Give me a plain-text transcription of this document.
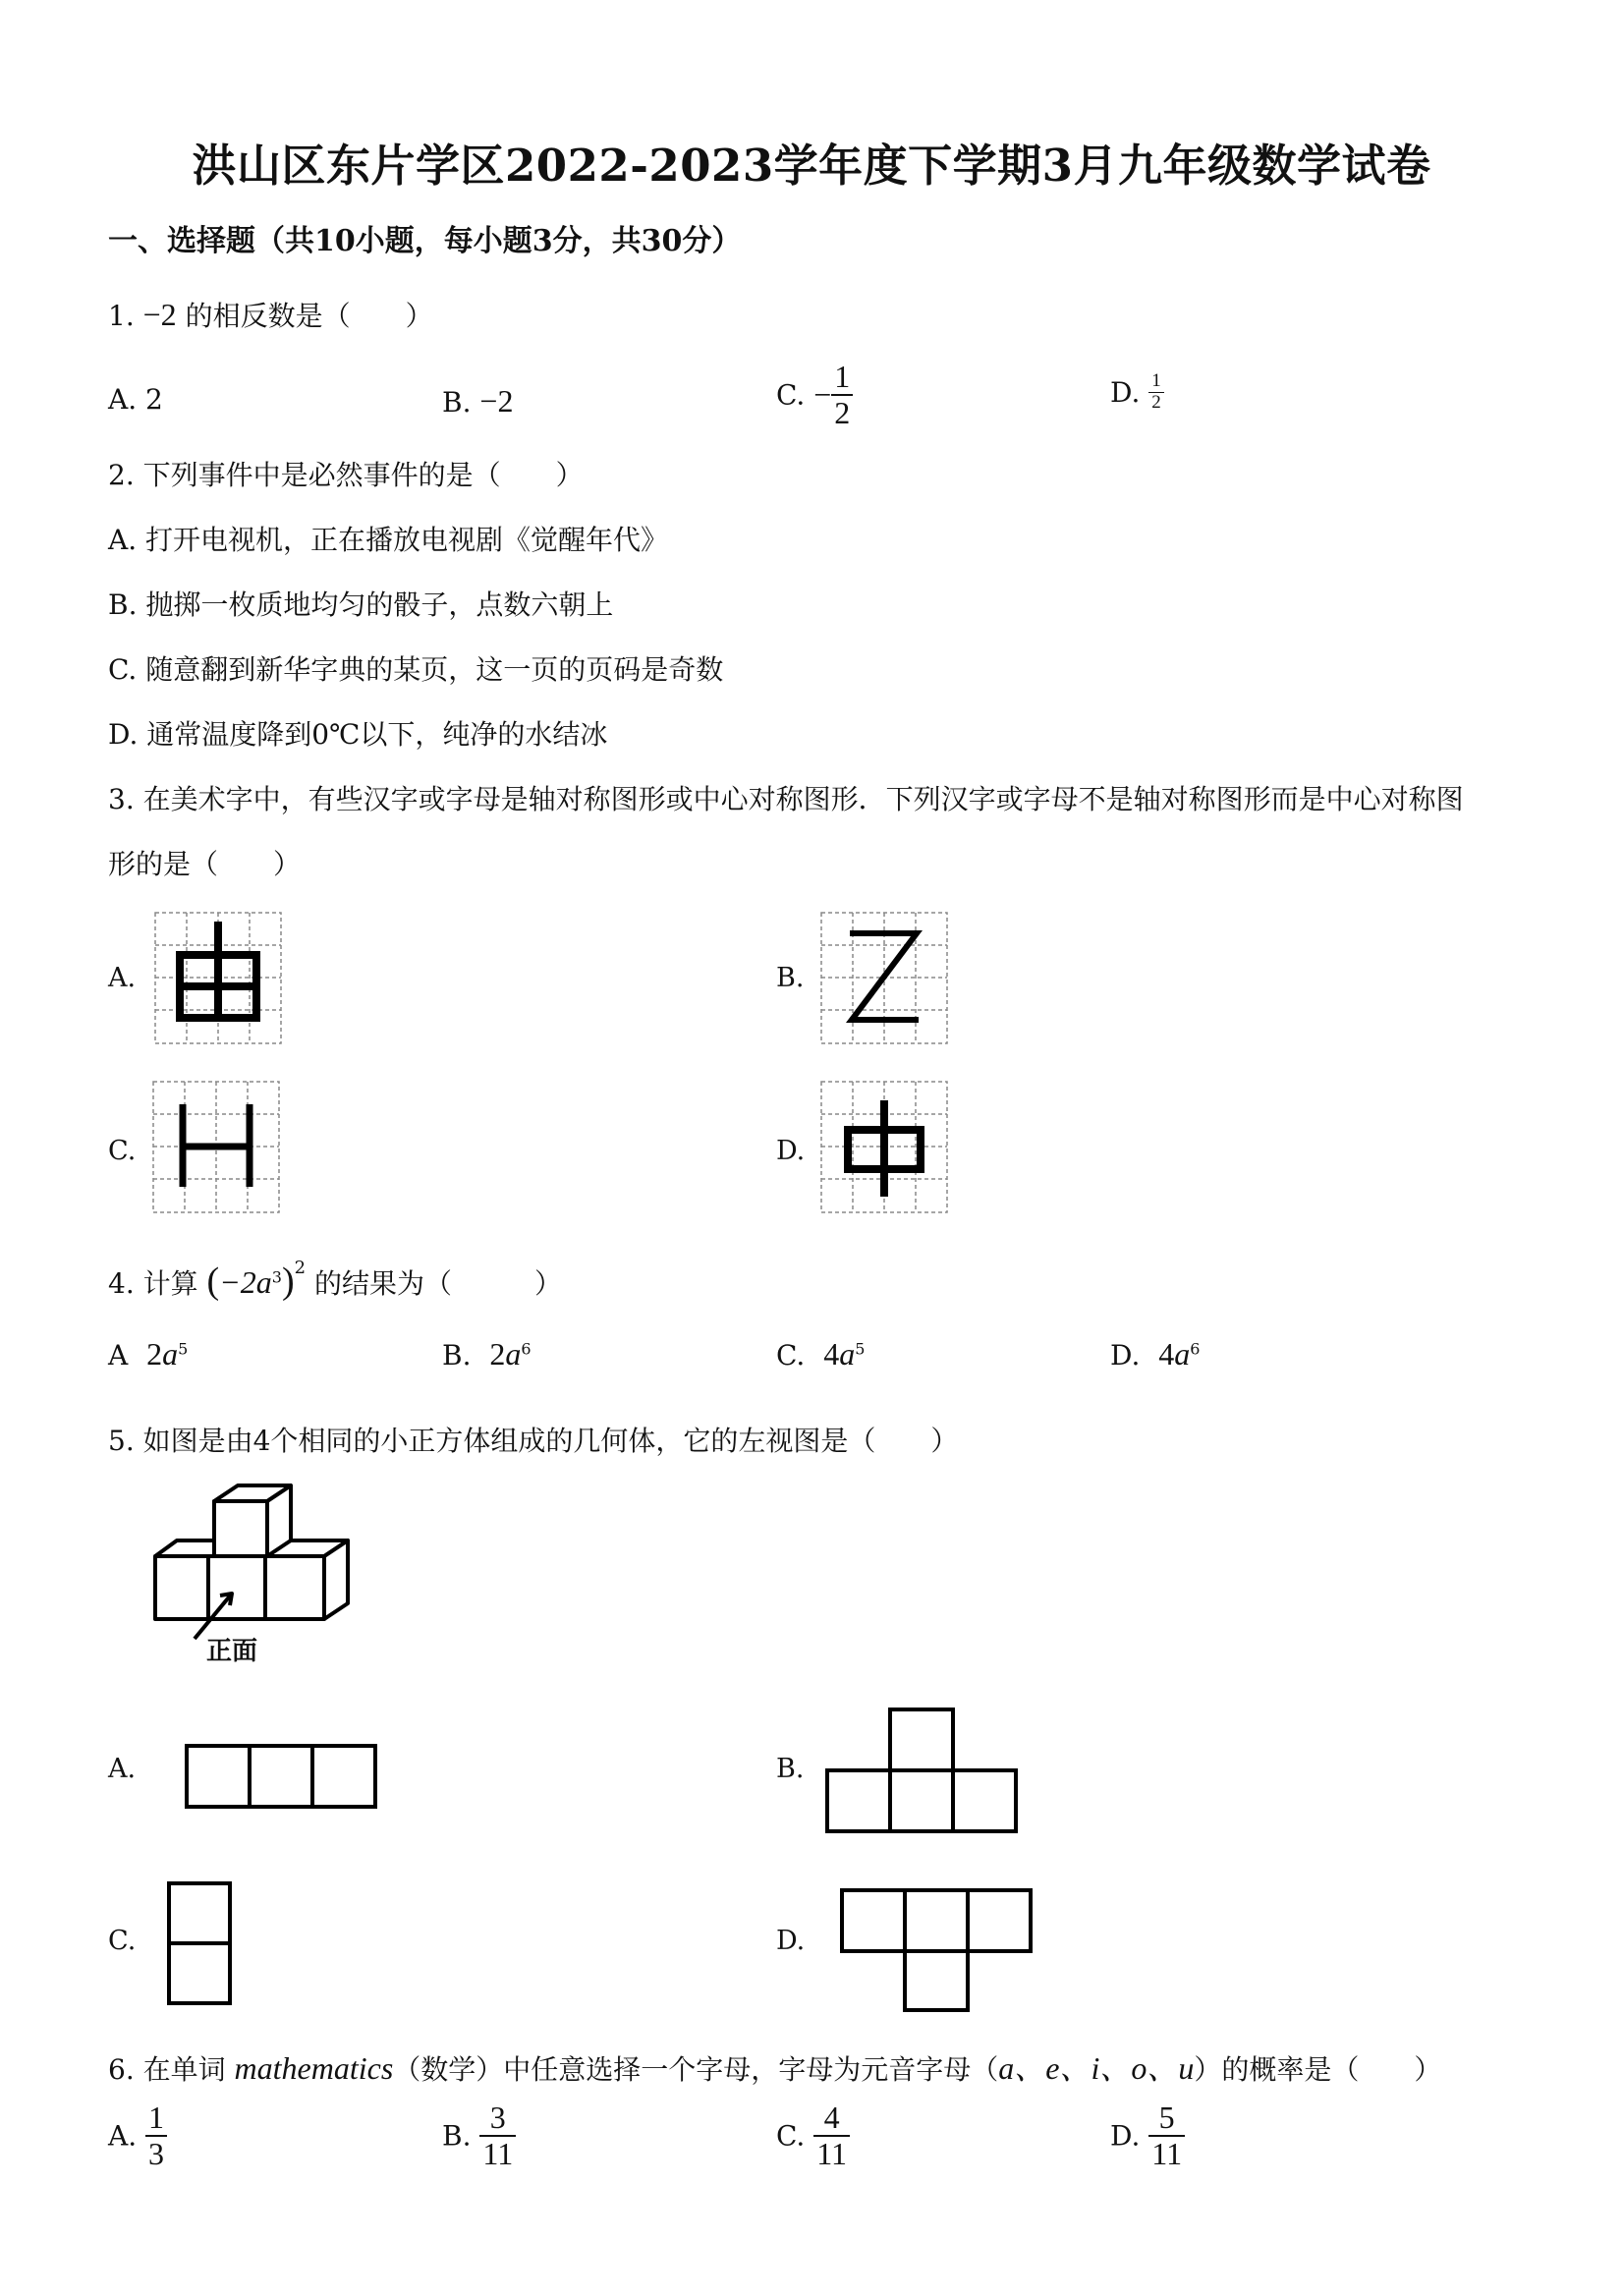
洪山区东片学区2022-2023学年度下学期3月九年级数学试卷
一、选择题（共10小题，每小题3分，共30分）
1. −2 的相反数是（　　）
A. 2	B. −2	C. − $\frac{1}{2}$	D. $\frac{1}{2}$
2. 下列事件中是必然事件的是（　　）
A. 打开电视机，正在播放电视剧《觉醒年代》
B. 抛掷一枚质地均匀的骰子，点数六朝上
C. 随意翻到新华字典的某页，这一页的页码是奇数
D. 通常温度降到0℃以下，纯净的水结冰
3. 在美术字中，有些汉字或字母是轴对称图形或中心对称图形．下列汉字或字母不是轴对称图形而是中心对称图
形的是（　　）
A.	B.
C.	D.
4. 计算 $(-2a^3)^2$ 的结果为（　　　）
A $2a^5$	B. $2a^6$	C. $4a^5$	D. $4a^6$
5. 如图是由4个相同的小正方体组成的几何体，它的左视图是（　　）
正面
A.	B.
C.	D.
6. 在单词 mathematics（数学）中任意选择一个字母，字母为元音字母（a、e、i、o、u）的概率是（　　）
A. $\frac{1}{3}$	B. $\frac{3}{11}$	C. $\frac{4}{11}$	D. $\frac{5}{11}$
